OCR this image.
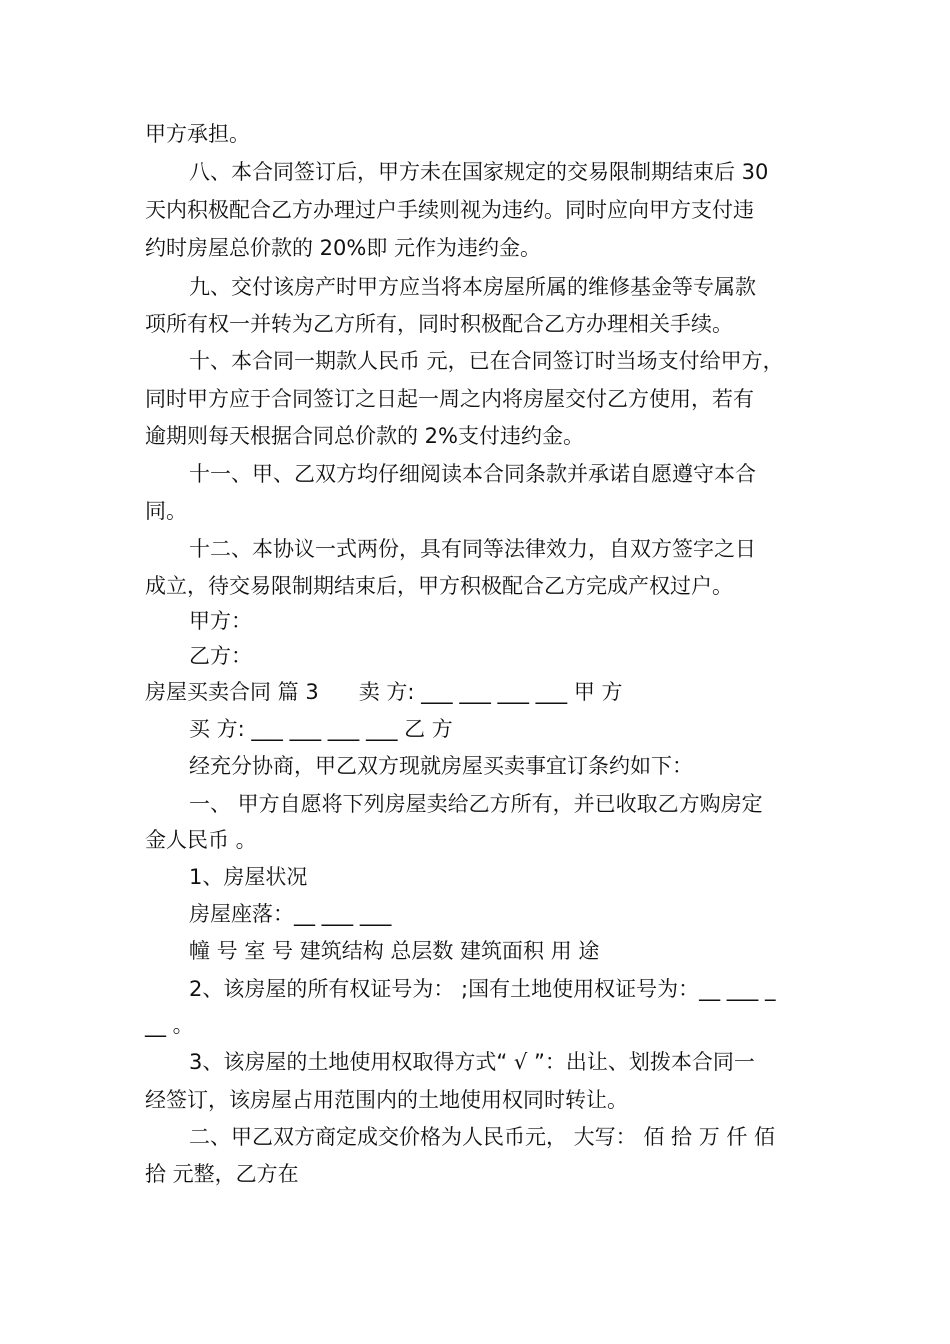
甲方承担。
八、本合同签订后，甲方未在国家规定的交易限制期结束后 30
天内积极配合乙方办理过户手续则视为违约。同时应向甲方支付违
约时房屋总价款的 20%即 元作为违约金。
九、交付该房产时甲方应当将本房屋所属的维修基金等专属款
项所有权一并转为乙方所有，同时积极配合乙方办理相关手续。
十、本合同一期款人民币 元，已在合同签订时当场支付给甲方，
同时甲方应于合同签订之日起一周之内将房屋交付乙方使用，若有
逾期则每天根据合同总价款的 2%支付违约金。
十一、甲、乙双方均仔细阅读本合同条款并承诺自愿遵守本合
同。
十二、本协议一式两份，具有同等法律效力，自双方签字之日
成立，待交易限制期结束后，甲方积极配合乙方完成产权过户。
甲方：
乙方：
房屋买卖合同 篇 3 卖 方: ___ ___ ___ ___ 甲 方
买 方: ___ ___ ___ ___ 乙 方
经充分协商，甲乙双方现就房屋买卖事宜订条约如下：
一、 甲方自愿将下列房屋卖给乙方所有，并已收取乙方购房定
金人民币 。
1、房屋状况
房屋座落：__ ___ ___
幢 号 室 号 建筑结构 总层数 建筑面积 用 途
2、该房屋的所有权证号为： ;国有土地使用权证号为：__ ___ _
__ 。
3、该房屋的土地使用权取得方式“ √ ”：出让、划拨本合同一
经签订，该房屋占用范围内的土地使用权同时转让。
二、甲乙双方商定成交价格为人民币元， 大写： 佰 拾 万 仟 佰
拾 元整，乙方在
